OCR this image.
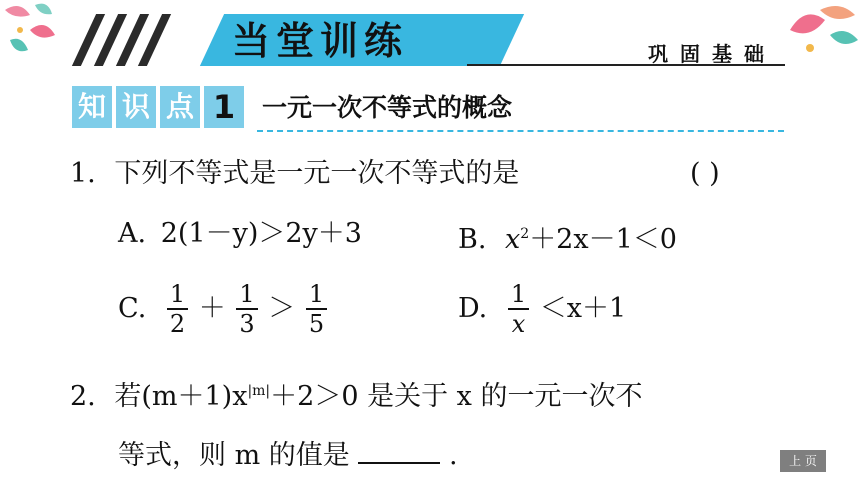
当堂训练	巩固基础
知 识 点 1	一元一次不等式的概念
1. 下列不等式是一元一次不等式的是	( )
A. 2(1－y)＞2y＋3	B. $x^2+2x-1<0$
C. $\frac{1}{2} + \frac{1}{3} > \frac{1}{5}$	D. $\frac{1}{x} <x+1$
2. 若$(m+1)x^{|m|}+2>0$ 是关于 x 的一元一次不
等式，则 m 的值是	.	上 页
